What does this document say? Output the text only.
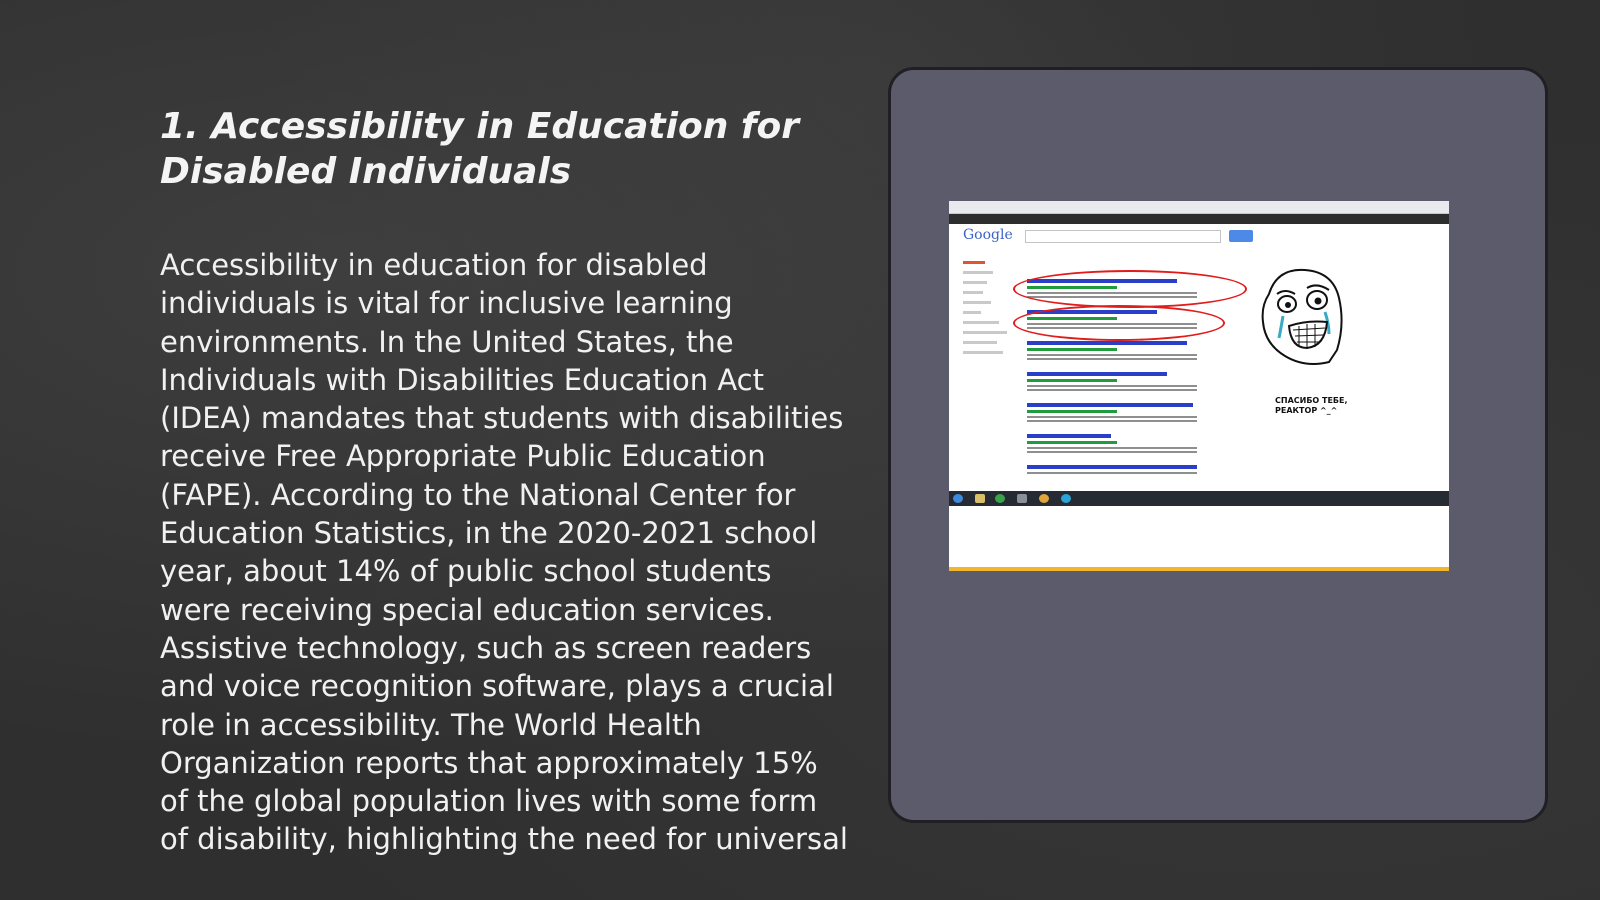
1. Accessibility in Education for Disabled Individuals

Accessibility in education for disabled individuals is vital for inclusive learning environments. In the United States, the Individuals with Disabilities Education Act (IDEA) mandates that students with disabilities receive Free Appropriate Public Education (FAPE). According to the National Center for Education Statistics, in the 2020-2021 school year, about 14% of public school students were receiving special education services. Assistive technology, such as screen readers and voice recognition software, plays a crucial role in accessibility. The World Health Organization reports that approximately 15% of the global population lives with some form of disability, highlighting the need for universal

Google
СПАСИБО ТЕБЕ,
РЕАКТОР ^_^
